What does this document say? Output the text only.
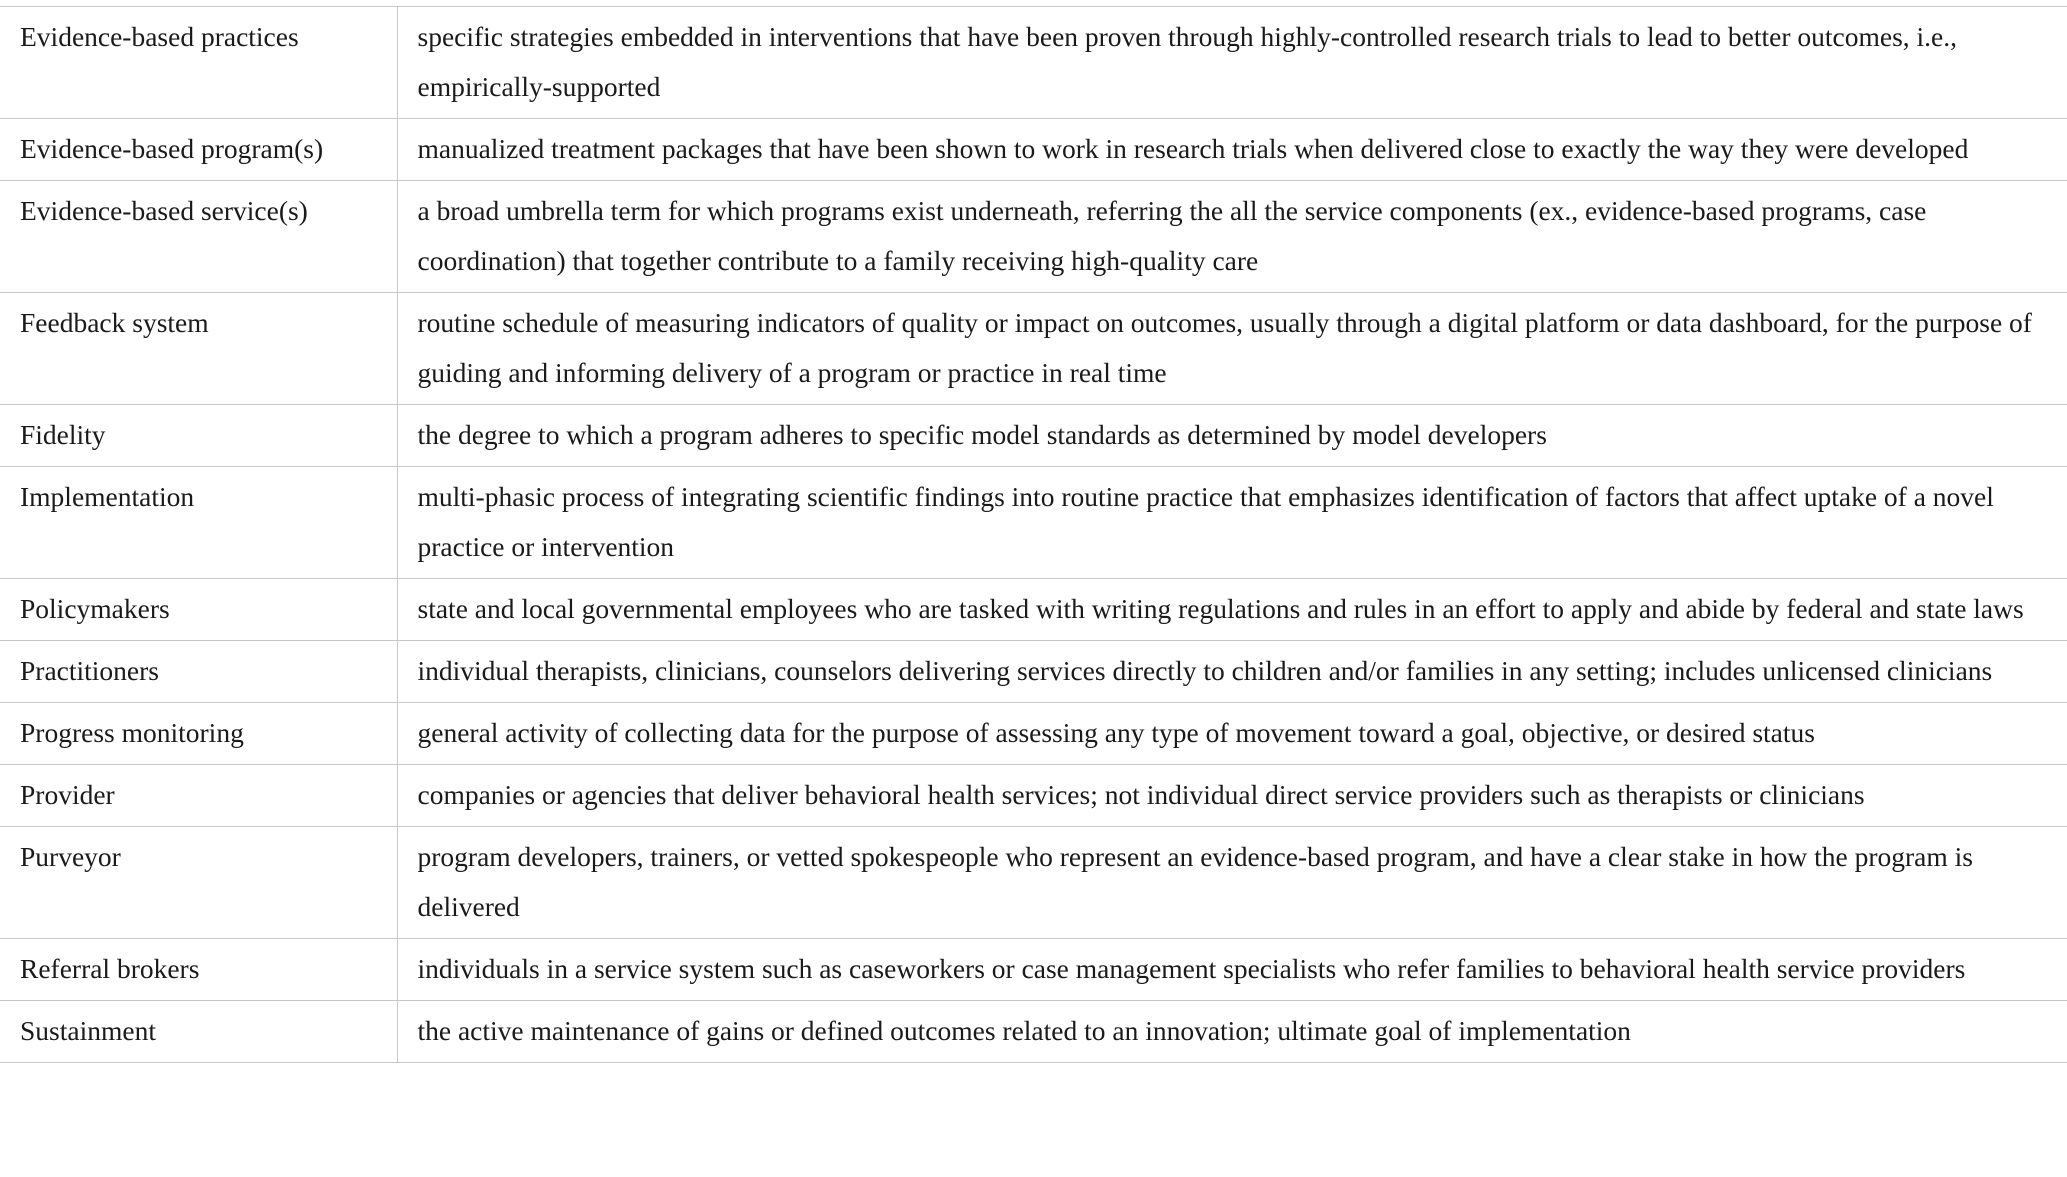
Evidence-based practices	specific strategies embedded in interventions that have been proven through highly-controlled research trials to lead to better outcomes, i.e., empirically-supported
Evidence-based program(s)	manualized treatment packages that have been shown to work in research trials when delivered close to exactly the way they were developed
Evidence-based service(s)	a broad umbrella term for which programs exist underneath, referring the all the service components (ex., evidence-based programs, case coordination) that together contribute to a family receiving high-quality care
Feedback system	routine schedule of measuring indicators of quality or impact on outcomes, usually through a digital platform or data dashboard, for the purpose of guiding and informing delivery of a program or practice in real time
Fidelity	the degree to which a program adheres to specific model standards as determined by model developers
Implementation	multi-phasic process of integrating scientific findings into routine practice that emphasizes identification of factors that affect uptake of a novel practice or intervention
Policymakers	state and local governmental employees who are tasked with writing regulations and rules in an effort to apply and abide by federal and state laws
Practitioners	individual therapists, clinicians, counselors delivering services directly to children and/or families in any setting; includes unlicensed clinicians
Progress monitoring	general activity of collecting data for the purpose of assessing any type of movement toward a goal, objective, or desired status
Provider	companies or agencies that deliver behavioral health services; not individual direct service providers such as therapists or clinicians
Purveyor	program developers, trainers, or vetted spokespeople who represent an evidence-based program, and have a clear stake in how the program is delivered
Referral brokers	individuals in a service system such as caseworkers or case management specialists who refer families to behavioral health service providers
Sustainment	the active maintenance of gains or defined outcomes related to an innovation; ultimate goal of implementation
